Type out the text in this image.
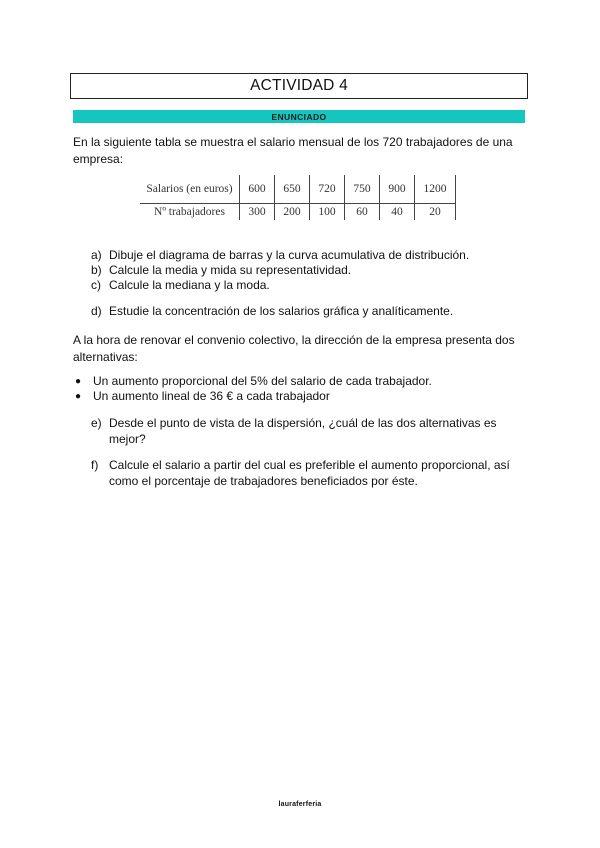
ACTIVIDAD 4
ENUNCIADO
En la siguiente tabla se muestra el salario mensual de los 720 trabajadores de una empresa:
Salarios (en euros)	600	650	720	750	900	1200
Nº trabajadores	300	200	100	60	40	20
a) Dibuje el diagrama de barras y la curva acumulativa de distribución.
b) Calcule la media y mida su representatividad.
c) Calcule la mediana y la moda.
d) Estudie la concentración de los salarios gráfica y analíticamente.
A la hora de renovar el convenio colectivo, la dirección de la empresa presenta dos alternativas:
● Un aumento proporcional del 5% del salario de cada trabajador.
● Un aumento lineal de 36 € a cada trabajador
e) Desde el punto de vista de la dispersión, ¿cuál de las dos alternativas es mejor?
f) Calcule el salario a partir del cual es preferible el aumento proporcional, así como el porcentaje de trabajadores beneficiados por éste.
lauraferferia
